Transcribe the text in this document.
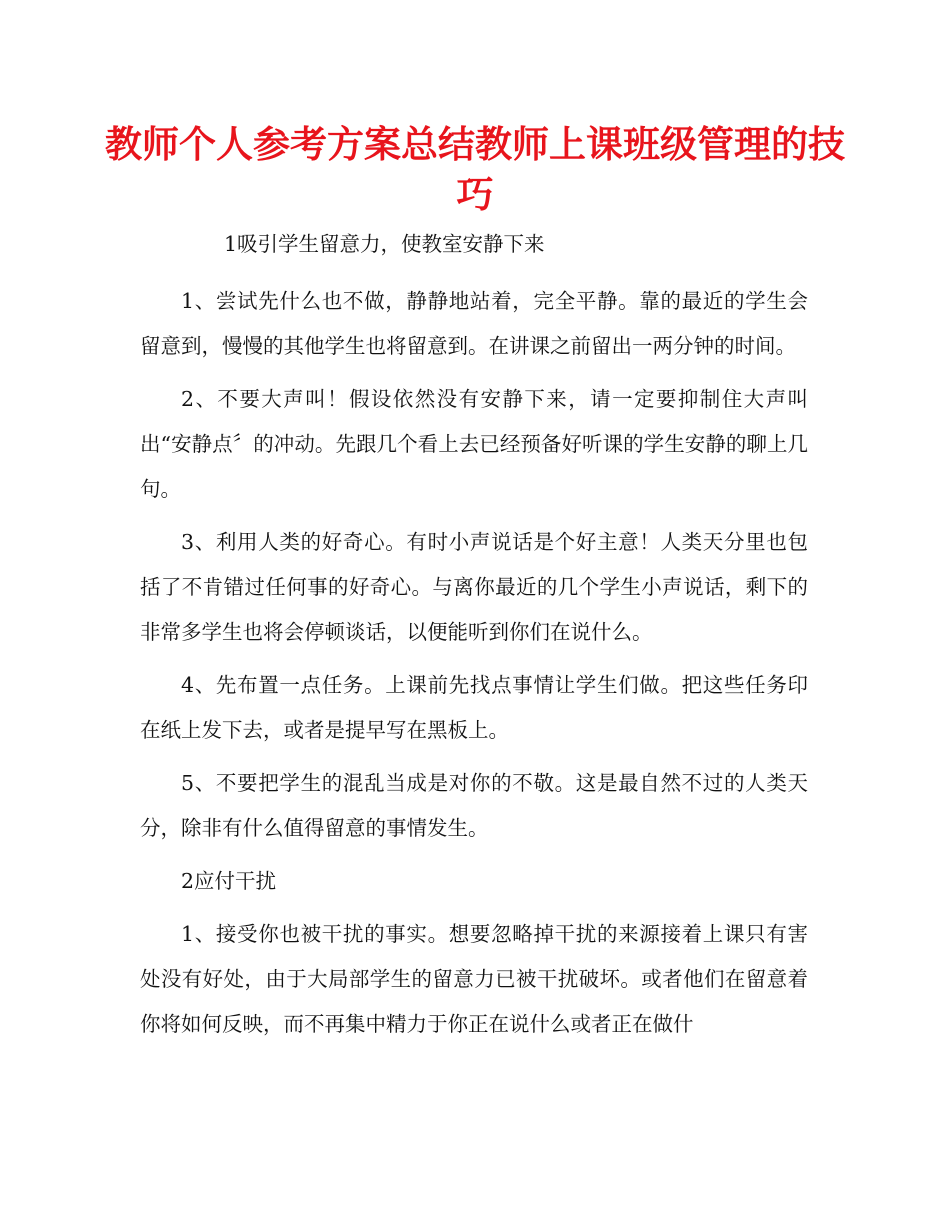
教师个人参考方案总结教师上课班级管理的技巧

1吸引学生留意力，使教室安静下来

1、尝试先什么也不做，静静地站着，完全平静。靠的最近的学生会留意到，慢慢的其他学生也将留意到。在讲课之前留出一两分钟的时间。

2、不要大声叫！假设依然没有安静下来，请一定要抑制住大声叫出“安静点〞的冲动。先跟几个看上去已经预备好听课的学生安静的聊上几句。

3、利用人类的好奇心。有时小声说话是个好主意！人类天分里也包括了不肯错过任何事的好奇心。与离你最近的几个学生小声说话，剩下的非常多学生也将会停顿谈话，以便能听到你们在说什么。

4、先布置一点任务。上课前先找点事情让学生们做。把这些任务印在纸上发下去，或者是提早写在黑板上。

5、不要把学生的混乱当成是对你的不敬。这是最自然不过的人类天分，除非有什么值得留意的事情发生。

2应付干扰

1、接受你也被干扰的事实。想要忽略掉干扰的来源接着上课只有害处没有好处，由于大局部学生的留意力已被干扰破坏。或者他们在留意着你将如何反映，而不再集中精力于你正在说什么或者正在做什
